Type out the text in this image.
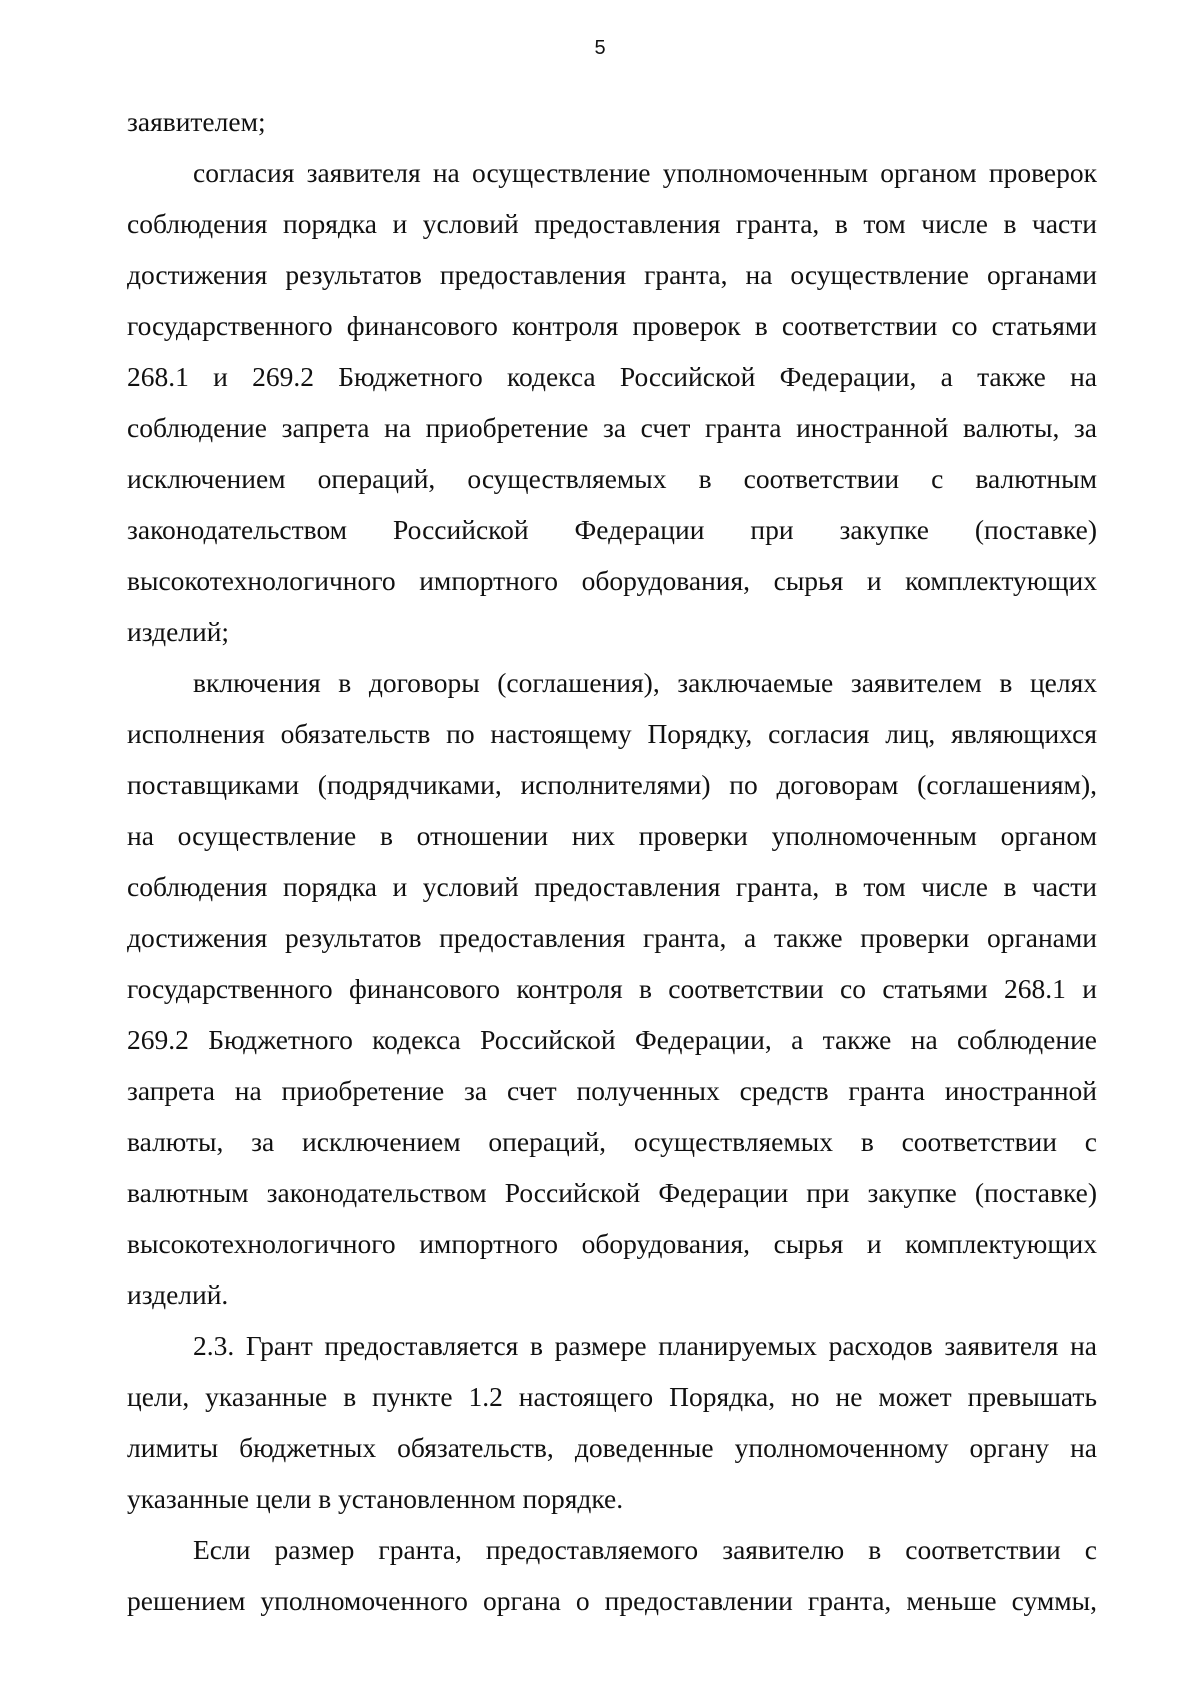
5
заявителем;
согласия заявителя на осуществление уполномоченным органом проверок
соблюдения порядка и условий предоставления гранта, в том числе в части
достижения результатов предоставления гранта, на осуществление органами
государственного финансового контроля проверок в соответствии со статьями
268.1 и 269.2 Бюджетного кодекса Российской Федерации, а также на
соблюдение запрета на приобретение за счет гранта иностранной валюты, за
исключением операций, осуществляемых в соответствии с валютным
законодательством Российской Федерации при закупке (поставке)
высокотехнологичного импортного оборудования, сырья и комплектующих
изделий;
включения в договоры (соглашения), заключаемые заявителем в целях
исполнения обязательств по настоящему Порядку, согласия лиц, являющихся
поставщиками (подрядчиками, исполнителями) по договорам (соглашениям),
на осуществление в отношении них проверки уполномоченным органом
соблюдения порядка и условий предоставления гранта, в том числе в части
достижения результатов предоставления гранта, а также проверки органами
государственного финансового контроля в соответствии со статьями 268.1 и
269.2 Бюджетного кодекса Российской Федерации, а также на соблюдение
запрета на приобретение за счет полученных средств гранта иностранной
валюты, за исключением операций, осуществляемых в соответствии с
валютным законодательством Российской Федерации при закупке (поставке)
высокотехнологичного импортного оборудования, сырья и комплектующих
изделий.
2.3. Грант предоставляется в размере планируемых расходов заявителя на
цели, указанные в пункте 1.2 настоящего Порядка, но не может превышать
лимиты бюджетных обязательств, доведенные уполномоченному органу на
указанные цели в установленном порядке.
Если размер гранта, предоставляемого заявителю в соответствии с
решением уполномоченного органа о предоставлении гранта, меньше суммы,
